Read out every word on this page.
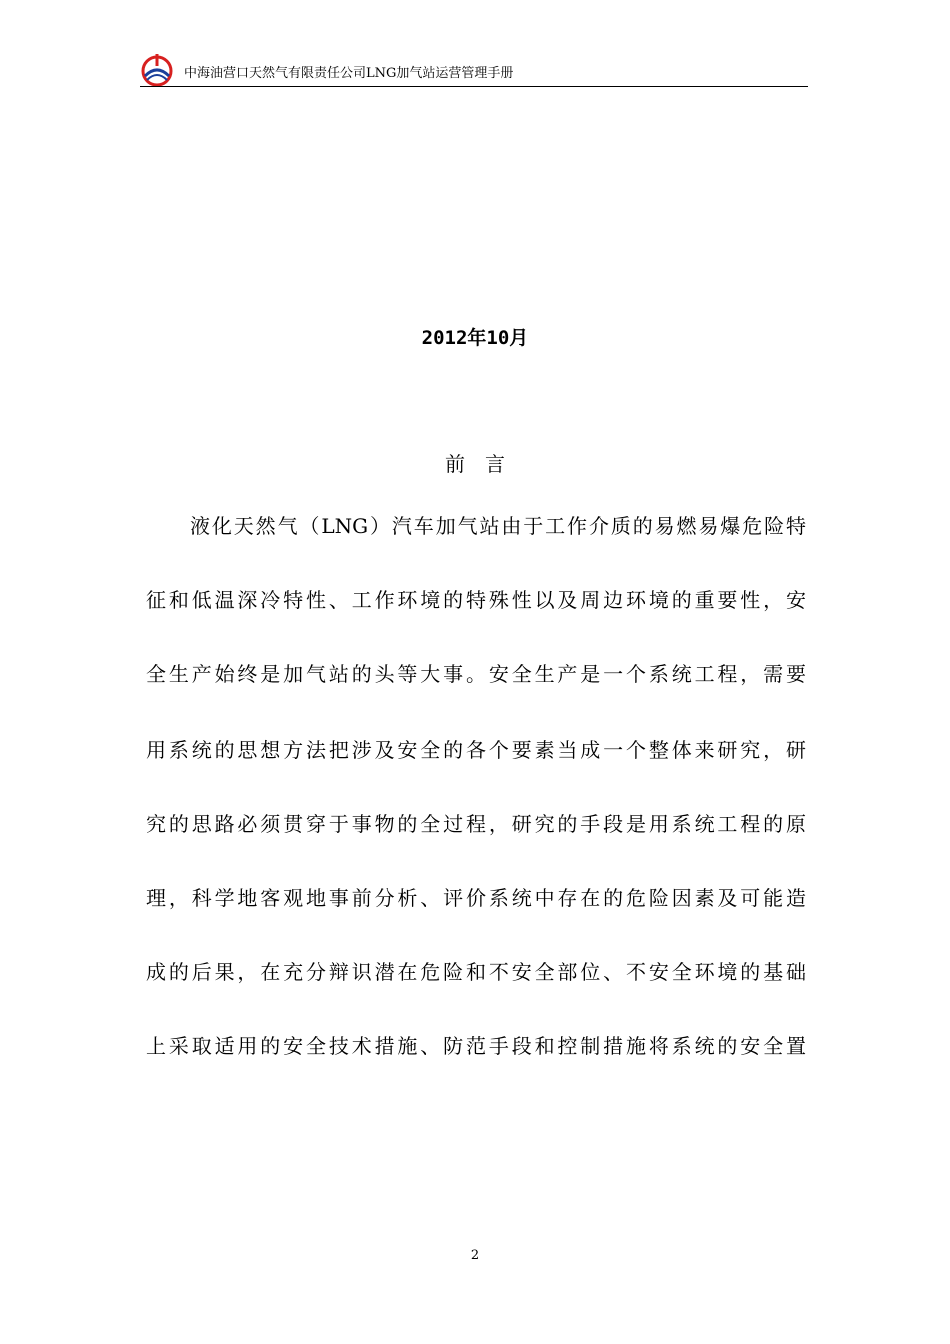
中海油营口天然气有限责任公司LNG加气站运营管理手册
2012年10月
前言
液化天然气（LNG）汽车加气站由于工作介质的易燃易爆危险特
征和低温深冷特性、工作环境的特殊性以及周边环境的重要性，安
全生产始终是加气站的头等大事。安全生产是一个系统工程，需要
用系统的思想方法把涉及安全的各个要素当成一个整体来研究，研
究的思路必须贯穿于事物的全过程，研究的手段是用系统工程的原
理，科学地客观地事前分析、评价系统中存在的危险因素及可能造
成的后果，在充分辩识潜在危险和不安全部位、不安全环境的基础
上采取适用的安全技术措施、防范手段和控制措施将系统的安全置
2
